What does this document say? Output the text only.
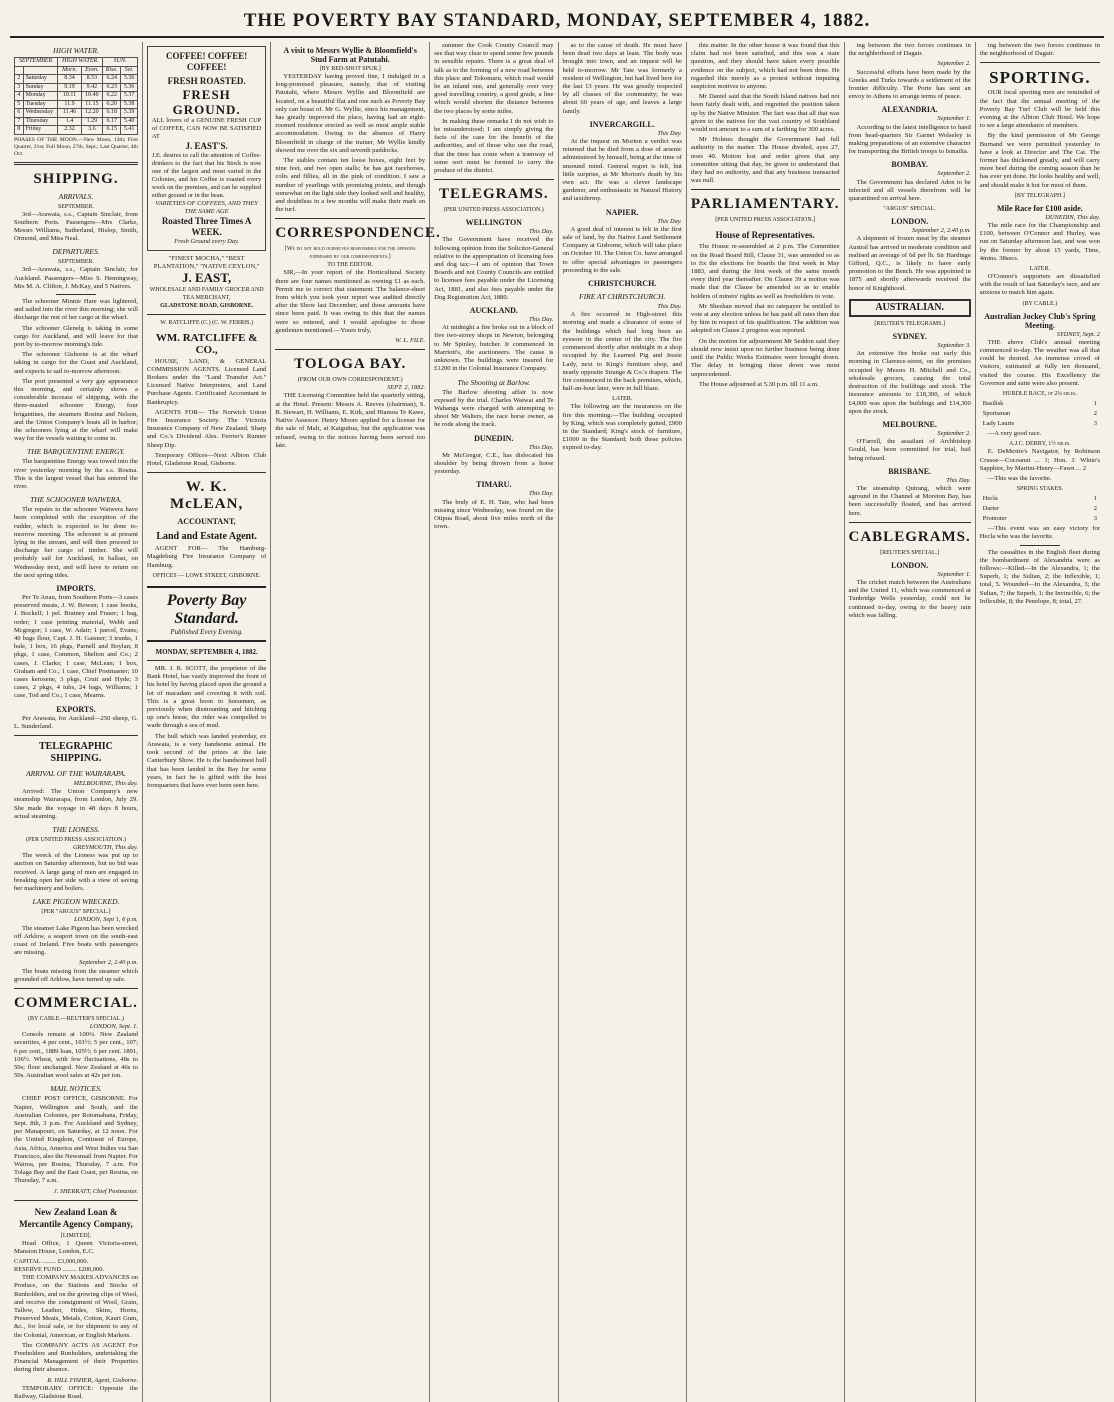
THE POVERTY BAY STANDARD, MONDAY, SEPTEMBER 4, 1882.
HIGH WATER.
SEPTEMBER.		HIGH WATER.		SUN.	
		Morn.	Even.	Rise.	Set.
2	Saturday	8.34	8.53	6.24	5.36
3	Sunday	9.19	9.42	6.23	5.36
4	Monday	10.11	10.40	6.22	5.37
5	Tuesday	11.9	11.15	6.20	5.38
6	Wednesday	11.46	12.20	6.18	5.39
7	Thursday	1.4	1.29	6.17	5.40
8	Friday	2.32	3.6	6.15	5.41
PHASES OF THE MOON.—New Moon, 13th; First Quarter, 21st; Full Moon, 27th, Sept.; Last Quarter, 4th Oct.
SHIPPING.
ARRIVALS.
SEPTEMBER.

3rd—Arawata, s.s., Captain Sinclair, from Southern Ports. Passengers—Mrs Clarke, Messrs Williams, Sutherland, Hislop, Smith, Ormond, and Miss Neal.

DEPARTURES.
SEPTEMBER.

3rd—Arawata, s.s., Captain Sinclair, for Auckland. Passengers—Miss S. Hemingway, Mrs M. A. Clifton, J. McKay, and 5 Natives.

The schooner Minnie Hare was lightered, and sailed into the river this morning; she will discharge the rest of her cargo at the wharf.

The schooner Glenelg is taking in some cargo for Auckland, and will leave for that port by to-morrow morning's tide.

The schooner Gisborne is at the wharf taking in cargo for the Coast and Auckland, and expects to sail to-morrow afternoon.

The port presented a very gay appearance this morning, and certainly shows a considerable increase of shipping, with the three-masted schooner Energy, four brigantines, the steamers Rosina and Nelson, and the Union Company's boats all in harbor; the schooners lying at the wharf will make way for the vessels waiting to come in.

THE BARQUENTINE ENERGY.

The barquentine Energy was towed into the river yesterday morning by the s.s. Rosina. This is the largest vessel that has entered the river.

THE SCHOONER WAIWERA.

The repairs to the schooner Waiwera have been completed with the exception of the rudder, which is expected to be done to-morrow morning. The schooner is at present lying in the stream, and will then proceed to discharge her cargo of timber. She will probably sail for Auckland, in ballast, on Wednesday next, and will have to return on the next spring tides.

IMPORTS.

Per Te Anau, from Southern Ports—3 cases preserved meats, J. W. Bowen; 1 case books, J. Bockell; 1 pel. Bratney and Fraser; 1 bag, order; 1 case printing material, Webb and Mcgregor; 1 case, W. Adair; 1 parcel, Evans; 40 bags flour, Capt. J. H. Gaisner; 3 trunks, 1 bale, 1 box, 16 pkgs, Parnell and Boylan; 8 pkgs, 1 case, Common, Shelton and Co.; 2 cases, J. Clarke; 1 case, McLean; 1 box, Graham and Co.; 1 case, Chief Postmaster; 10 cases kerosene, 3 pkgs, Cruit and Hyde; 3 cases, 2 pkgs, 4 tubs, 24 bags, Williams; 1 case, Tod and Co.; 1 case, Mearns.

EXPORTS.

Per Arawata, for Auckland—250 sheep, G. L. Sunderland.

TELEGRAPHIC SHIPPING.
ARRIVAL OF THE WAIRARAPA.
MELBOURNE, This day.

Arrived: The Union Company's new steamship Wairarapa, from London, July 29. She made the voyage in 48 days 8 hours, actual steaming.

THE LIONESS.
(PER UNITED PRESS ASSOCIATION.)
GREYMOUTH, This day.

The wreck of the Lioness was put up to auction on Saturday afternoon, but no bid was received. A large gang of men are engaged in breaking open her side with a view of saving her machinery and boilers.

LAKE PIGEON WRECKED.
[PER "ARGUS" SPECIAL.]
LONDON, Sept 1, 6 p.m.

The steamer Lake Pigeon has been wrecked off Arklow, a seaport town on the south-east coast of Ireland. Five boats with passengers are missing.

September 2, 2.40 p.m.

The boats missing from the steamer which grounded off Arklow, have turned up safe.

COMMERCIAL.
(BY CABLE.—REUTER'S SPECIAL.)
LONDON, Sept. 1.

Consols remain at 100¼. New Zealand securities, 4 per cent., 101½; 5 per cent., 107; 6 per cent., 1889 loan, 105½; 6 per cent. 1891, 106½. Wheat, with few fluctuations, 48s to 50s; flour unchanged. New Zealand at 46s to 50s. Australian wool sales at 42s per ton.

MAIL NOTICES.

CHIEF POST OFFICE, GISBORNE. For Napier, Wellington and South, and the Australian Colonies, per Rotomahana, Friday, Sept. 8th, 3 p.m. For Auckland and Sydney, per Manapouri, on Saturday, at 12 noon. For the United Kingdom, Continent of Europe, Asia, Africa, America and West Indies via San Francisco, also the Newsmail from Napier. For Wairoa, per Rosina, Thursday, 7 a.m. For Tolaga Bay and the East Coast, per Rosina, on Thursday, 7 a.m.

J. SHERRATT, Chief Postmaster.
New Zealand Loan & Mercantile Agency Company,
[LIMITED].

Head Office, 1 Queen Victoria-street, Mansion House, London, E.C.

CAPITAL ......... £3,000,000.
RESERVE FUND ......... £200,000.

THE COMPANY MAKES ADVANCES on Produce, on the Stations and Stocks of Runholders, and on the growing clips of Wool, and receive the consignment of Wool, Grain, Tallow, Leather, Hides, Skins, Horns, Preserved Meats, Metals, Cotton, Kauri Gum, &c., for local sale, or for shipment to any of the Colonial, American, or English Markets.

The COMPANY ACTS AS AGENT For Freeholders and Runholders, undertaking the Financial Management of their Properties during their absence.

R. HILL FISHER, Agent, Gisborne.

TEMPORARY OFFICE: Opposite the Railway, Gladstone Road.

COFFEE! COFFEE! COFFEE!
FRESH ROASTED.
FRESH GROUND.
ALL lovers of a GENUINE FRESH CUP of COFFEE, CAN NOW BE SATISFIED AT
J. EAST'S.
J.E. desires to call the attention of Coffee-drinkers to the fact that his Stock is now one of the largest and most varied in the Colonies, and his Coffee is roasted every week on the premises, and can be supplied either ground or in the bean.
VARIETIES OF COFFEES, AND THEY THE SAME AGE
Roasted Three Times A WEEK.
Fresh Ground every Day.
"FINEST MOCHA," "BEST PLANTATION," "NATIVE CEYLON,"
J. EAST,
WHOLESALE AND FAMILY GROCER AND TEA MERCHANT,
GLADSTONE ROAD, GISBORNE.
W. RATCLIFFE (C.) (C. W. FERRIS.)
WM. RATCLIFFE & CO.,

HOUSE, LAND, & GENERAL COMMISSION AGENTS. Licensed Land Brokers under the "Land Transfer Act." Licensed Native Interpreters, and Land Purchase Agents. Certificated Accountant in Bankruptcy.

AGENTS FOR— The Norwich Union Fire Insurance Society. The Victoria Insurance Company of New Zealand. Sharp and Co.'s Dividend Ales. Ferrier's Runner Sheep Dip.

Temporary Offices—Next Albion Club Hotel, Gladstone Road, Gisborne.

W. K. McLEAN,
ACCOUNTANT,
Land and Estate Agent.

AGENT FOR— The Hamburg-Magdeburg Fire Insurance Company of Hamburg.

OFFICES — LOWE STREET, GISBORNE.
Poverty Bay Standard.
Published Every Evening.
MONDAY, SEPTEMBER 4, 1882.

MR. J. R. SCOTT, the proprietor of the Bank Hotel, has vastly improved the front of his hotel by having placed upon the ground a lot of macadam and covering it with soil. This is a great boon to horsemen, as previously when dismounting and hitching up one's horse, the rider was compelled to wade through a sea of mud.

The bull which was landed yesterday, ex Arawata, is a very handsome animal. He took second of the prizes at the late Canterbury Show. He is the handsomest bull that has been landed in the Bay for some years, in fact he is gifted with the best forequarters that have ever been seen here.

A visit to Messrs Wyllie & Bloomfield's Stud Farm at Patutahi.
[BY RED-SHOT SPUR.]

YESTERDAY having proved fine, I indulged in a long-promised pleasure, namely, that of visiting Patutahi, where Messrs Wyllie and Bloomfield are located, on a beautiful flat and one such as Poverty Bay only can boast of. Mr G. Wyllie, since his management, has greatly improved the place, having had an eight-roomed residence erected as well as most ample stable accommodation. Owing to the absence of Harry Bloomfield in charge of the trainer, Mr Wyllie kindly showed me over the six and seventh paddocks.

The stables contain ten loose boxes, eight feet by nine feet, and two open stalls; he has got racehorses, colts and fillies, all in the pink of condition. I saw a number of yearlings with promising points, and though somewhat on the light side they looked well and healthy, and doubtless in a few months will make their mark on the turf.

CORRESPONDENCE.
[We do not hold ourselves responsible for the opinions expressed by our correspondents.]
TO THE EDITOR.

SIR,—In your report of the Horticultural Society there are four names mentioned as owning £1 as each. Permit me to correct that statement. The balance-sheet from which you took your report was audited directly after the Show last December, and those amounts have since been paid. It was owing to this that the names were so entered, and I would apologise to those gentlemen mentioned.—Yours truly,

W. L. FILE.
TOLOGA BAY.
(FROM OUR OWN CORRESPONDENT.)
SEPT. 2, 1882.

THE Licensing Committee held the quarterly sitting, at the Hotel. Present: Messrs A. Reeves (chairman), S. B. Stewart, H. Williams, E. Kirk, and Hiamoa Te Kawe, Native Assessor. Henry Moore applied for a license for the sale of Malt, at Kaiguitua, but the application was refused, owing to the notices having been served too late.

summer the Cook County Council may see that way clear to spend some few pounds in sensible repairs. There is a great deal of talk as to the forming of a new road between this place and Tokomaru, which road would be an inland one, and generally over very good travelling country, a good grade, a line which would shorten the distance between the two places by some miles.

In making these remarks I do not wish to be misunderstood; I am simply giving the facts of the case for the benefit of the authorities, and of those who use the road, that the time has come when a tramway of some sort must be formed to carry the produce of the district.

TELEGRAMS.
(PER UNITED PRESS ASSOCIATION.)
WELLINGTON
This Day.

The Government have received the following opinion from the Solicitor-General relative to the appropriation of licensing fees and dog tax:—I am of opinion that Town Boards and not County Councils are entitled to licenses fees payable under the Licensing Act, 1881, and also fees payable under the Dog Registration Act, 1880.

AUCKLAND.
This Day.

At midnight a fire broke out in a block of five two-storey shops in Newton, belonging to Mr Spinley, butcher. It commenced in Marriott's, the auctioneers. The cause is unknown. The buildings were insured for £1200 in the Colonial Insurance Company.

The Shooting at Barlow.

The Barlow shooting affair is now exposed by the trial. Charles Waiwai and Te Wahanga were charged with attempting to shoot Mr Walters, the race horse owner, as he rode along the track.

DUNEDIN.
This Day.

Mr McGregor, C.E., has dislocated his shoulder by being thrown from a horse yesterday.

TIMARU.
This Day.

The body of E. H. Tate, who had been missing since Wednesday, was found on the Otipua Road, about five miles north of the town.

as to the cause of death. He must have been dead two days at least. The body was brought into town, and an inquest will be held to-morrow. Mr Tate was formerly a resident of Wellington, but had lived here for the last 13 years. He was greatly respected by all classes of the community; he was about 60 years of age, and leaves a large family.

INVERCARGILL.
This Day.

At the inquest on Morton a verdict was returned that he died from a dose of arsenic administered by himself, being at the time of unsound mind. General regret is felt, but little surprise, at Mr Morton's death by his own act. He was a clever landscape gardener, and enthusiastic in Natural History and taxidermy.

NAPIER.
This Day.

A good deal of interest is felt in the first sale of land, by the Native Land Settlement Company at Gisborne, which will take place on October 10. The Union Co. have arranged to offer special advantages to passengers proceeding to the sale.

CHRISTCHURCH.
FIRE AT CHRISTCHURCH.
This Day.

A fire occurred in High-street this morning and made a clearance of some of the buildings which had long been an eyesore in the centre of the city. The fire commenced shortly after midnight in a shop occupied by the Learned Pig and Jessie Lady, next to King's furniture shop, and nearly opposite Strange & Co.'s drapers. The fire commenced in the back premises, which, half-an-hour later, were in full blaze.

LATER.

The following are the insurances on the fire this morning:—The building occupied by King, which was completely gutted, £900 in the Standard; King's stock of furniture, £1000 in the Standard; both these policies expired to-day.

this matter. In the other house it was found that this claim had not been satisfied, and this was a state question, and they should have taken every possible evidence on the subject, which had not been done. He regarded this merely as a protest without imputing suspicion motives to anyone.

Mr Daniel said that the South Island natives had not been fairly dealt with, and regretted the position taken up by the Native Minister. The fact was that all that was given to the natives for the vast country of Southland would not amount to a sum of a farthing for 300 acres.

Mr Holmes thought the Government had full authority in the matter. The House divided, ayes 27, noes 40. Motion lost and order given that any committee sitting that day, be given to understand that they had no authority, and that any business transacted was null.

PARLIAMENTARY.
[PER UNITED PRESS ASSOCIATION.]
House of Representatives.

The House re-assembled at 2 p.m. The Committee on the Road Board Bill, Clause 31, was amended so as to fix the elections for boards the first week in May 1883, and during the first week of the same month every third year thereafter. On Clause 39 a motion was made that the Clause be amended so as to enable holders of miners' rights as well as freeholders to vote.

Mr Sheehan moved that no ratepayer be entitled to vote at any election unless he has paid all rates then due by him in respect of his qualification. The addition was adopted on Clause 2 progress was reported.

On the motion for adjournment Mr Seddon said they should now insist upon no further business being done until the Public Works Estimates were brought down. The delay in bringing these down was most unprecedented.

The House adjourned at 5.30 p.m. till 11 a.m.

ing between the two forces continues in the neighborhood of Dagair.

September 2.

Successful efforts have been made by the Greeks and Turks towards a settlement of the frontier difficulty. The Porte has sent an envoy to Athens to arrange terms of peace.

ALEXANDRIA.
September 1.

According to the latest intelligence to hand from head-quarters Sir Garnet Wolseley is making preparations of an extensive character for transporting the British troops to Ismailia.

BOMBAY.
September 2.

The Government has declared Aden to be infected and all vessels therefrom will be quarantined on arrival here.

"ARGUS" SPECIAL.
LONDON.
September 2, 2.40 p.m.

A shipment of frozen meat by the steamer Austral has arrived in moderate condition and realised an average of 6d per lb. Sir Hardinge Gifford, Q.C., is likely to have early promotion to the Bench. He was appointed in 1875 and shortly afterwards received the honor of Knighthood.

AUSTRALIAN.
[REUTER'S TELEGRAMS.]
SYDNEY.
September 3.

An extensive fire broke out early this morning in Clarence-street, on the premises occupied by Messrs H. Mitchell and Co., wholesale grocers, causing the total destruction of the buildings and stock. The insurance amounts to £18,300, of which £4,000 was upon the buildings and £14,300 upon the stock.

MELBOURNE.
September 2.

O'Farrell, the assailant of Archbishop Gould, has been committed for trial, bail being refused.

BRISBANE.
This Day.

The steamship Quirang, which went aground in the Channel at Moreton Bay, has been successfully floated, and has arrived here.

CABLEGRAMS.
[REUTER'S SPECIAL.]
LONDON.
September 1.

The cricket match between the Australians and the United 11, which was commenced at Tunbridge Wells yesterday, could not be continued to-day, owing to the heavy rain which was falling.

ing between the two forces continues in the neighborhood of Dagair.

SPORTING.

OUR local sporting men are reminded of the fact that the annual meeting of the Poverty Bay Turf Club will be held this evening at the Albion Club Hotel. We hope to see a large attendance of members.

By the kind permission of Mr George Burnand we were permitted yesterday to have a look at Director and The Cat. The former has thickened greatly, and will carry more beef during the coming season than he has ever yet done. He looks healthy and well, and should make it hot for most of them.

[BY TELEGRAPH.]
Mile Race for £100 aside.
DUNEDIN, This day.

The mile race for the Championship and £100, between O'Connor and Hurley, was run on Saturday afternoon last, and was won by the former by about 15 yards, Time, 4mins. 38secs.

LATER.

O'Connor's supporters are dissatisfied with the result of last Saturday's race, and are anxious to match him again.

(BY CABLE.)
Australian Jockey Club's Spring Meeting.
SYDNEY, Sept. 2

THE above Club's annual meeting commenced to-day. The weather was all that could be desired. An immense crowd of visitors, estimated at fully ten thousand, visited the course. His Excellency the Governor and suite were also present.

HURDLE RACE, of 2¼ miles.
Basilisk	1
Sportsman	2
Lady Laurie	3

—A very good race.

A.J.C. DERBY, 1½ miles.

E. DeMestre's Navigator, by Robinson Crusoe—Cocoanut ... 1; Hon. J. White's Sapphire, by Martini-Henry—Fawn ... 2

—This was the favorite.

SPRING STAKES.
Hecla	1
Darter	2
Promoter	3

—This event was an easy victory for Hecla who was the favorite.

The casualties in the English fleet during the bombardment of Alexandria were as follows:—Killed—In the Alexandra, 1; the Superb, 1; the Sultan, 2; the Inflexible, 1; total, 5. Wounded—In the Alexandra, 3; the Sultan, 7; the Superb, 1; the Invincible, 6; the Inflexible, 8; the Penelope, 8; total, 27.
